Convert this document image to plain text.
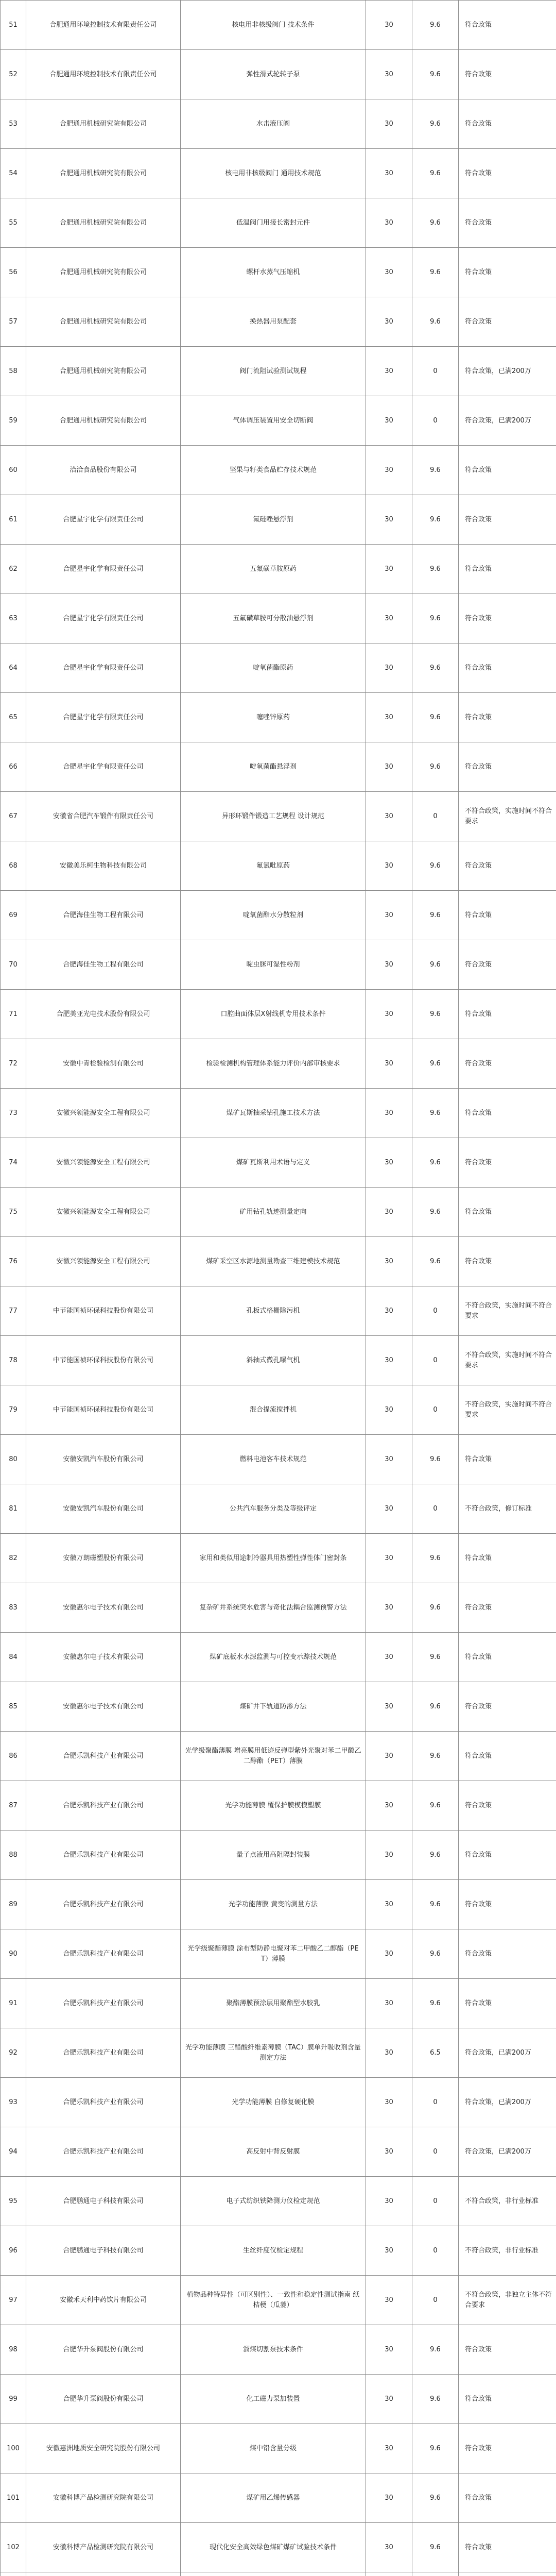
51	合肥通用环境控制技术有限责任公司	核电用非核级阀门 技术条件	30	9.6	符合政策
52	合肥通用环境控制技术有限责任公司	弹性滑式轮转子泵	30	9.6	符合政策
53	合肥通用机械研究院有限公司	水击液压阀	30	9.6	符合政策
54	合肥通用机械研究院有限公司	核电用非核级阀门 通用技术规范	30	9.6	符合政策
55	合肥通用机械研究院有限公司	低温阀门用接长密封元件	30	9.6	符合政策
56	合肥通用机械研究院有限公司	螺杆水蒸气压缩机	30	9.6	符合政策
57	合肥通用机械研究院有限公司	换热器用泵配套	30	9.6	符合政策
58	合肥通用机械研究院有限公司	阀门流阻试验测试规程	30	0	符合政策，已满200万
59	合肥通用机械研究院有限公司	气体调压装置用安全切断阀	30	0	符合政策，已满200万
60	洽洽食品股份有限公司	坚果与籽类食品贮存技术规范	30	9.6	符合政策
61	合肥星宇化学有限责任公司	氟硅唑悬浮剂	30	9.6	符合政策
62	合肥星宇化学有限责任公司	五氟磺草胺原药	30	9.6	符合政策
63	合肥星宇化学有限责任公司	五氟磺草胺可分散油悬浮剂	30	9.6	符合政策
64	合肥星宇化学有限责任公司	啶氧菌酯原药	30	9.6	符合政策
65	合肥星宇化学有限责任公司	噻唑锌原药	30	9.6	符合政策
66	合肥星宇化学有限责任公司	啶氧菌酯悬浮剂	30	9.6	符合政策
67	安徽省合肥汽车锻件有限责任公司	异形环锻件锻造工艺规程 设计规范	30	0	不符合政策，实施时间不符合要求
68	安徽美乐柯生物科技有限公司	氟氯吡原药	30	9.6	符合政策
69	合肥海佳生物工程有限公司	啶氧菌酯水分散粒剂	30	9.6	符合政策
70	合肥海佳生物工程有限公司	啶虫脒可湿性粉剂	30	9.6	符合政策
71	合肥美亚光电技术股份有限公司	口腔曲面体层X射线机专用技术条件	30	9.6	符合政策
72	安徽中青检验检测有限公司	检验检测机构管理体系能力评价内部审核要求	30	9.6	符合政策
73	安徽兴领能源安全工程有限公司	煤矿瓦斯抽采钻孔施工技术方法	30	9.6	符合政策
74	安徽兴领能源安全工程有限公司	煤矿瓦斯利用术语与定义	30	9.6	符合政策
75	安徽兴领能源安全工程有限公司	矿用钻孔轨迹测量定向	30	9.6	符合政策
76	安徽兴领能源安全工程有限公司	煤矿采空区水源地测量勘查三维建模技术规范	30	9.6	符合政策
77	中节能国祯环保科技股份有限公司	孔板式格栅除污机	30	0	不符合政策，实施时间不符合要求
78	中节能国祯环保科技股份有限公司	斜轴式微孔曝气机	30	0	不符合政策，实施时间不符合要求
79	中节能国祯环保科技股份有限公司	混合提流搅拌机	30	0	不符合政策，实施时间不符合要求
80	安徽安凯汽车股份有限公司	燃料电池客车技术规范	30	9.6	符合政策
81	安徽安凯汽车股份有限公司	公共汽车服务分类及等级评定	30	0	不符合政策，修订标准
82	安徽万朗磁塑股份有限公司	家用和类似用途制冷器具用热塑性弹性体门密封条	30	9.6	符合政策
83	安徽惠尔电子技术有限公司	复杂矿井系统突水危害与奇化法耦合监测预警方法	30	9.6	符合政策
84	安徽惠尔电子技术有限公司	煤矿底板水水源监测与可控变示踪技术规范	30	9.6	符合政策
85	安徽惠尔电子技术有限公司	煤矿井下轨道防渗方法	30	9.6	符合政策
86	合肥乐凯科技产业有限公司	光学级聚酯薄膜 增亮膜用低迹反弹型紫外光聚对苯二甲酸乙二醇酯（PET）薄膜	30	9.6	符合政策
87	合肥乐凯科技产业有限公司	光学功能薄膜 覆保护膜模模塑膜	30	9.6	符合政策
88	合肥乐凯科技产业有限公司	量子点液用高阻隔封装膜	30	9.6	符合政策
89	合肥乐凯科技产业有限公司	光学功能薄膜 黄变的测量方法	30	9.6	符合政策
90	合肥乐凯科技产业有限公司	光学级聚酯薄膜 涂布型防静电聚对苯二甲酸乙二醇酯（PET）薄膜	30	9.6	符合政策
91	合肥乐凯科技产业有限公司	聚酯薄膜预涂层用聚酯型水胶乳	30	9.6	符合政策
92	合肥乐凯科技产业有限公司	光学功能薄膜 三醋酸纤维素薄膜（TAC）膜单升吸收剂含量测定方法	30	6.5	符合政策，已满200万
93	合肥乐凯科技产业有限公司	光学功能薄膜 自修复硬化膜	30	0	符合政策，已满200万
94	合肥乐凯科技产业有限公司	高反射中背反射膜	30	0	符合政策，已满200万
95	合肥鹏通电子科技有限公司	电子式纺织铁降测力仪检定规范	30	0	不符合政策，非行业标准
96	合肥鹏通电子科技有限公司	生丝纤度仪检定规程	30	0	不符合政策，非行业标准
97	安徽禾天利中药饮片有限公司	植物品种特异性（可区别性）、一致性和稳定性测试指南 纸桔梗（瓜蒌）	30	0	不符合政策，非独立主体不符合要求
98	合肥华升泵阀股份有限公司	溜煤切割泵技术条件	30	9.6	符合政策
99	合肥华升泵阀股份有限公司	化工磁力泵加装置	30	9.6	符合政策
100	安徽惠洲地质安全研究院股份有限公司	煤中铅含量分级	30	9.6	符合政策
101	安徽科博产品检测研究院有限公司	煤矿用乙烯传感器	30	9.6	符合政策
102	安徽科博产品检测研究院有限公司	现代化安全高效绿色煤矿煤矿试验技术条件	30	9.6	符合政策
